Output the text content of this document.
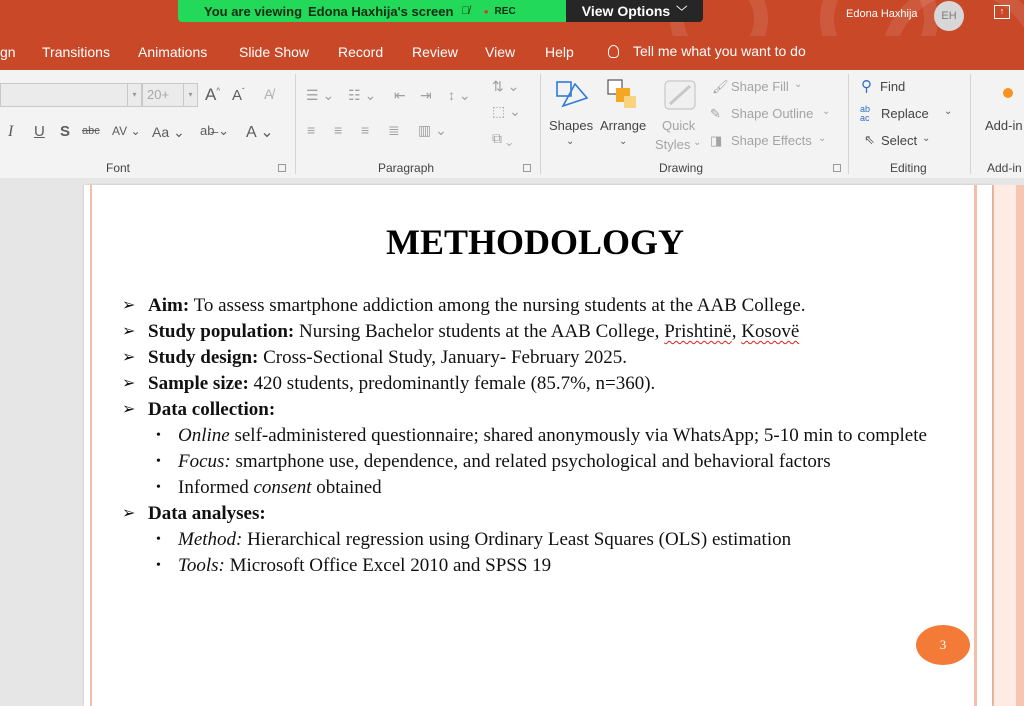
You are viewing Edona Haxhija's screen 🎙̸ ● REC	View Options ﹀	Edona Haxhija	EH	↑
gn Transitions Animations Slide Show Record Review View Help	Tell me what you want to do
▾ 20+	▾ A^ $A^ˇ$ A̸
I U S abc AV ⌄ Aa ⌄ ab̶ ⌄ A ⌄
Font
☰ ⌄ ☷ ⌄ ⇤ ⇥ ↕ ⌄
⇅ ⌄
⬚ ⌄
⧉ ⌄
≡ ≡ ≡ ≣ ▥ ⌄
Paragraph
Shapes
⌄
Arrange
⌄
Quick
Styles ⌄
🖌 Shape Fill ⌄
✎ Shape Outline ⌄
◨ Shape Effects ⌄
Drawing
⚲ Find
ab
ac Replace ⌄
⇖ Select ⌄
Editing
Add-in
Add-in
METHODOLOGY
➢ Aim: To assess smartphone addiction among the nursing students at the AAB College.
➢ Study population: Nursing Bachelor students at the AAB College, Prishtinë, Kosovë
➢ Study design: Cross-Sectional Study, January- February 2025.
➢ Sample size: 420 students, predominantly female (85.7%, n=360).
➢ Data collection:
• Online self-administered questionnaire; shared anonymously via WhatsApp; 5-10 min to complete
• Focus: smartphone use, dependence, and related psychological and behavioral factors
• Informed consent obtained
➢ Data analyses:
• Method: Hierarchical regression using Ordinary Least Squares (OLS) estimation
• Tools: Microsoft Office Excel 2010 and SPSS 19
3
